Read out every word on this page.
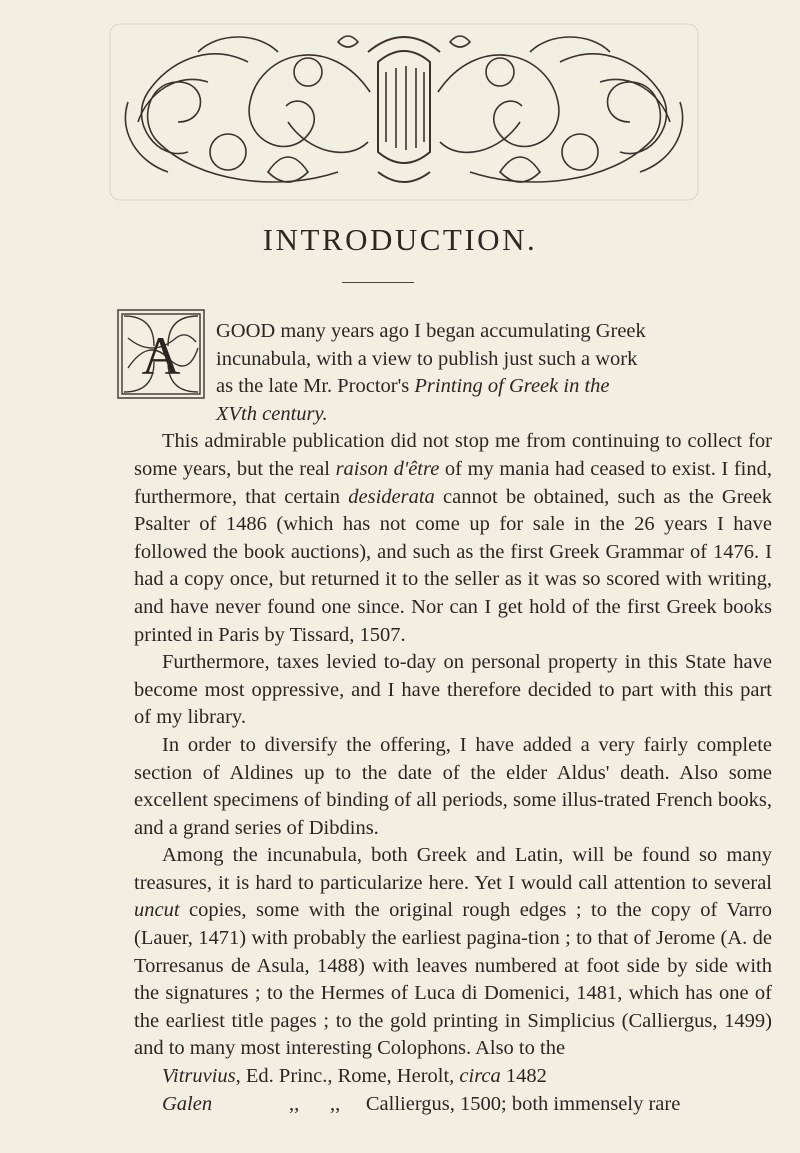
INTRODUCTION.
A GOOD many years ago I began accumulating Greek
incunabula, with a view to publish just such a work
as the late Mr. Proctor's Printing of Greek in the
XVth century.

This admirable publication did not stop me from continuing to collect for some years, but the real raison d'être of my mania had ceased to exist. I find, furthermore, that certain desiderata cannot be obtained, such as the Greek Psalter of 1486 (which has not come up for sale in the 26 years I have followed the book auctions), and such as the first Greek Grammar of 1476. I had a copy once, but returned it to the seller as it was so scored with writing, and have never found one since. Nor can I get hold of the first Greek books printed in Paris by Tissard, 1507.

Furthermore, taxes levied to-day on personal property in this State have become most oppressive, and I have therefore decided to part with this part of my library.

In order to diversify the offering, I have added a very fairly complete section of Aldines up to the date of the elder Aldus' death. Also some excellent specimens of binding of all periods, some illus-trated French books, and a grand series of Dibdins.

Among the incunabula, both Greek and Latin, will be found so many treasures, it is hard to particularize here. Yet I would call attention to several uncut copies, some with the original rough edges ; to the copy of Varro (Lauer, 1471) with probably the earliest pagina-tion ; to that of Jerome (A. de Torresanus de Asula, 1488) with leaves numbered at foot side by side with the signatures ; to the Hermes of Luca di Domenici, 1481, which has one of the earliest title pages ; to the gold printing in Simplicius (Calliergus, 1499) and to many most interesting Colophons. Also to the

Vitruvius, Ed. Princ., Rome, Herolt, circa 1482

Galen               ,,      ,,     Calliergus, 1500; both immensely rare
